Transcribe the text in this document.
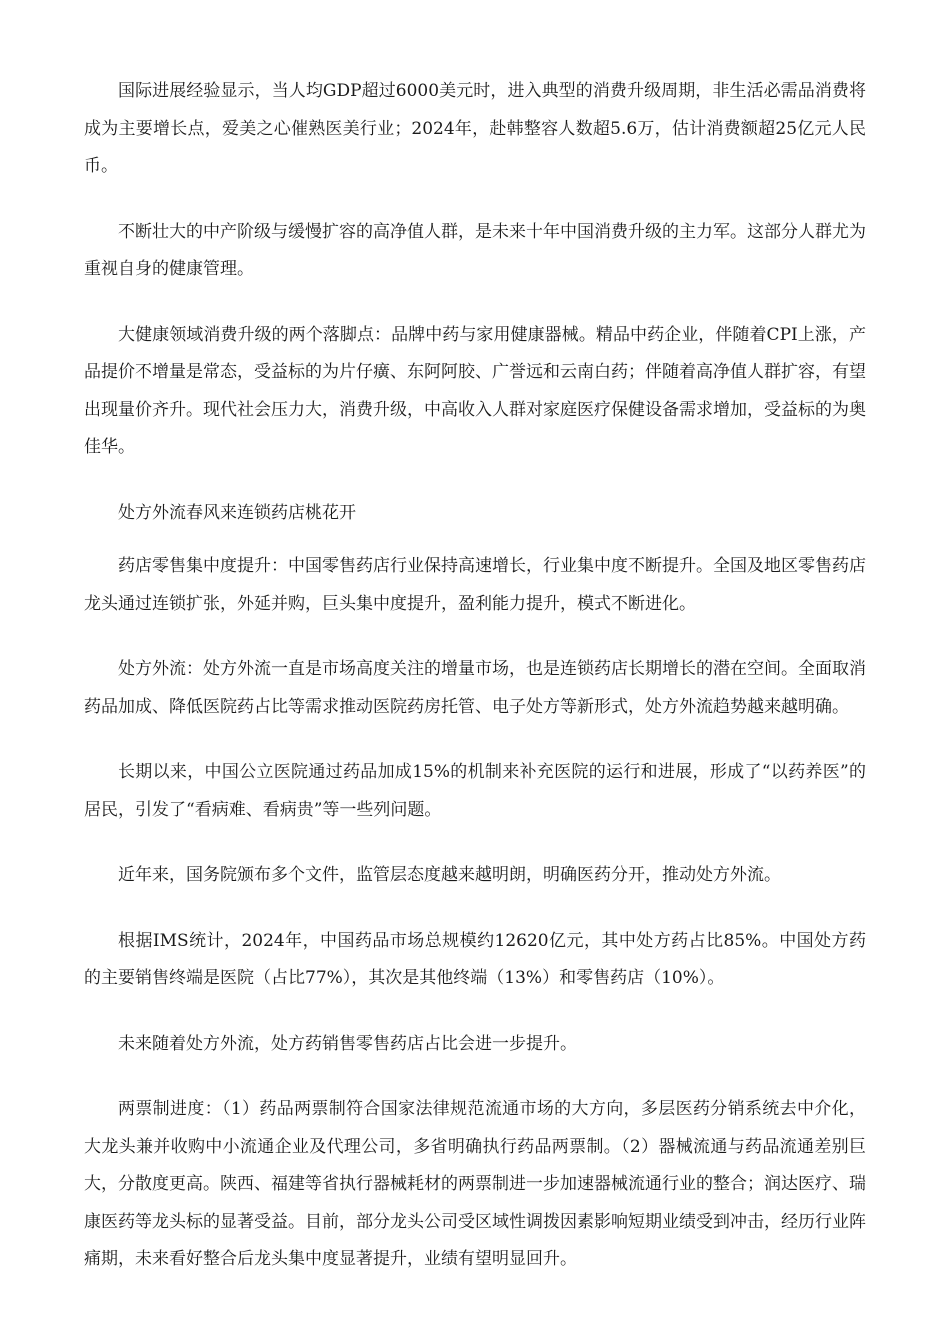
国际进展经验显示，当人均GDP超过6000美元时，进入典型的消费升级周期，非生活必需品消费将成为主要增长点，爱美之心催熟医美行业；2024年，赴韩整容人数超5.6万，估计消费额超25亿元人民币。

不断壮大的中产阶级与缓慢扩容的高净值人群，是未来十年中国消费升级的主力军。这部分人群尤为重视自身的健康管理。

大健康领域消费升级的两个落脚点：品牌中药与家用健康器械。精品中药企业，伴随着CPI上涨，产品提价不增量是常态，受益标的为片仔癀、东阿阿胶、广誉远和云南白药；伴随着高净值人群扩容，有望出现量价齐升。现代社会压力大，消费升级，中高收入人群对家庭医疗保健设备需求增加，受益标的为奥佳华。

处方外流春风来连锁药店桃花开

药店零售集中度提升：中国零售药店行业保持高速增长，行业集中度不断提升。全国及地区零售药店龙头通过连锁扩张，外延并购，巨头集中度提升，盈利能力提升，模式不断进化。

处方外流：处方外流一直是市场高度关注的增量市场，也是连锁药店长期增长的潜在空间。全面取消药品加成、降低医院药占比等需求推动医院药房托管、电子处方等新形式，处方外流趋势越来越明确。

长期以来，中国公立医院通过药品加成15%的机制来补充医院的运行和进展，形成了“以药养医”的居民，引发了“看病难、看病贵”等一些列问题。

近年来，国务院颁布多个文件，监管层态度越来越明朗，明确医药分开，推动处方外流。

根据IMS统计，2024年，中国药品市场总规模约12620亿元，其中处方药占比85%。中国处方药的主要销售终端是医院（占比77%），其次是其他终端（13%）和零售药店（10%）。

未来随着处方外流，处方药销售零售药店占比会进一步提升。

两票制进度：（1）药品两票制符合国家法律规范流通市场的大方向，多层医药分销系统去中介化，大龙头兼并收购中小流通企业及代理公司，多省明确执行药品两票制。（2）器械流通与药品流通差别巨大，分散度更高。陕西、福建等省执行器械耗材的两票制进一步加速器械流通行业的整合；润达医疗、瑞康医药等龙头标的显著受益。目前，部分龙头公司受区域性调拨因素影响短期业绩受到冲击，经历行业阵痛期，未来看好整合后龙头集中度显著提升，业绩有望明显回升。
